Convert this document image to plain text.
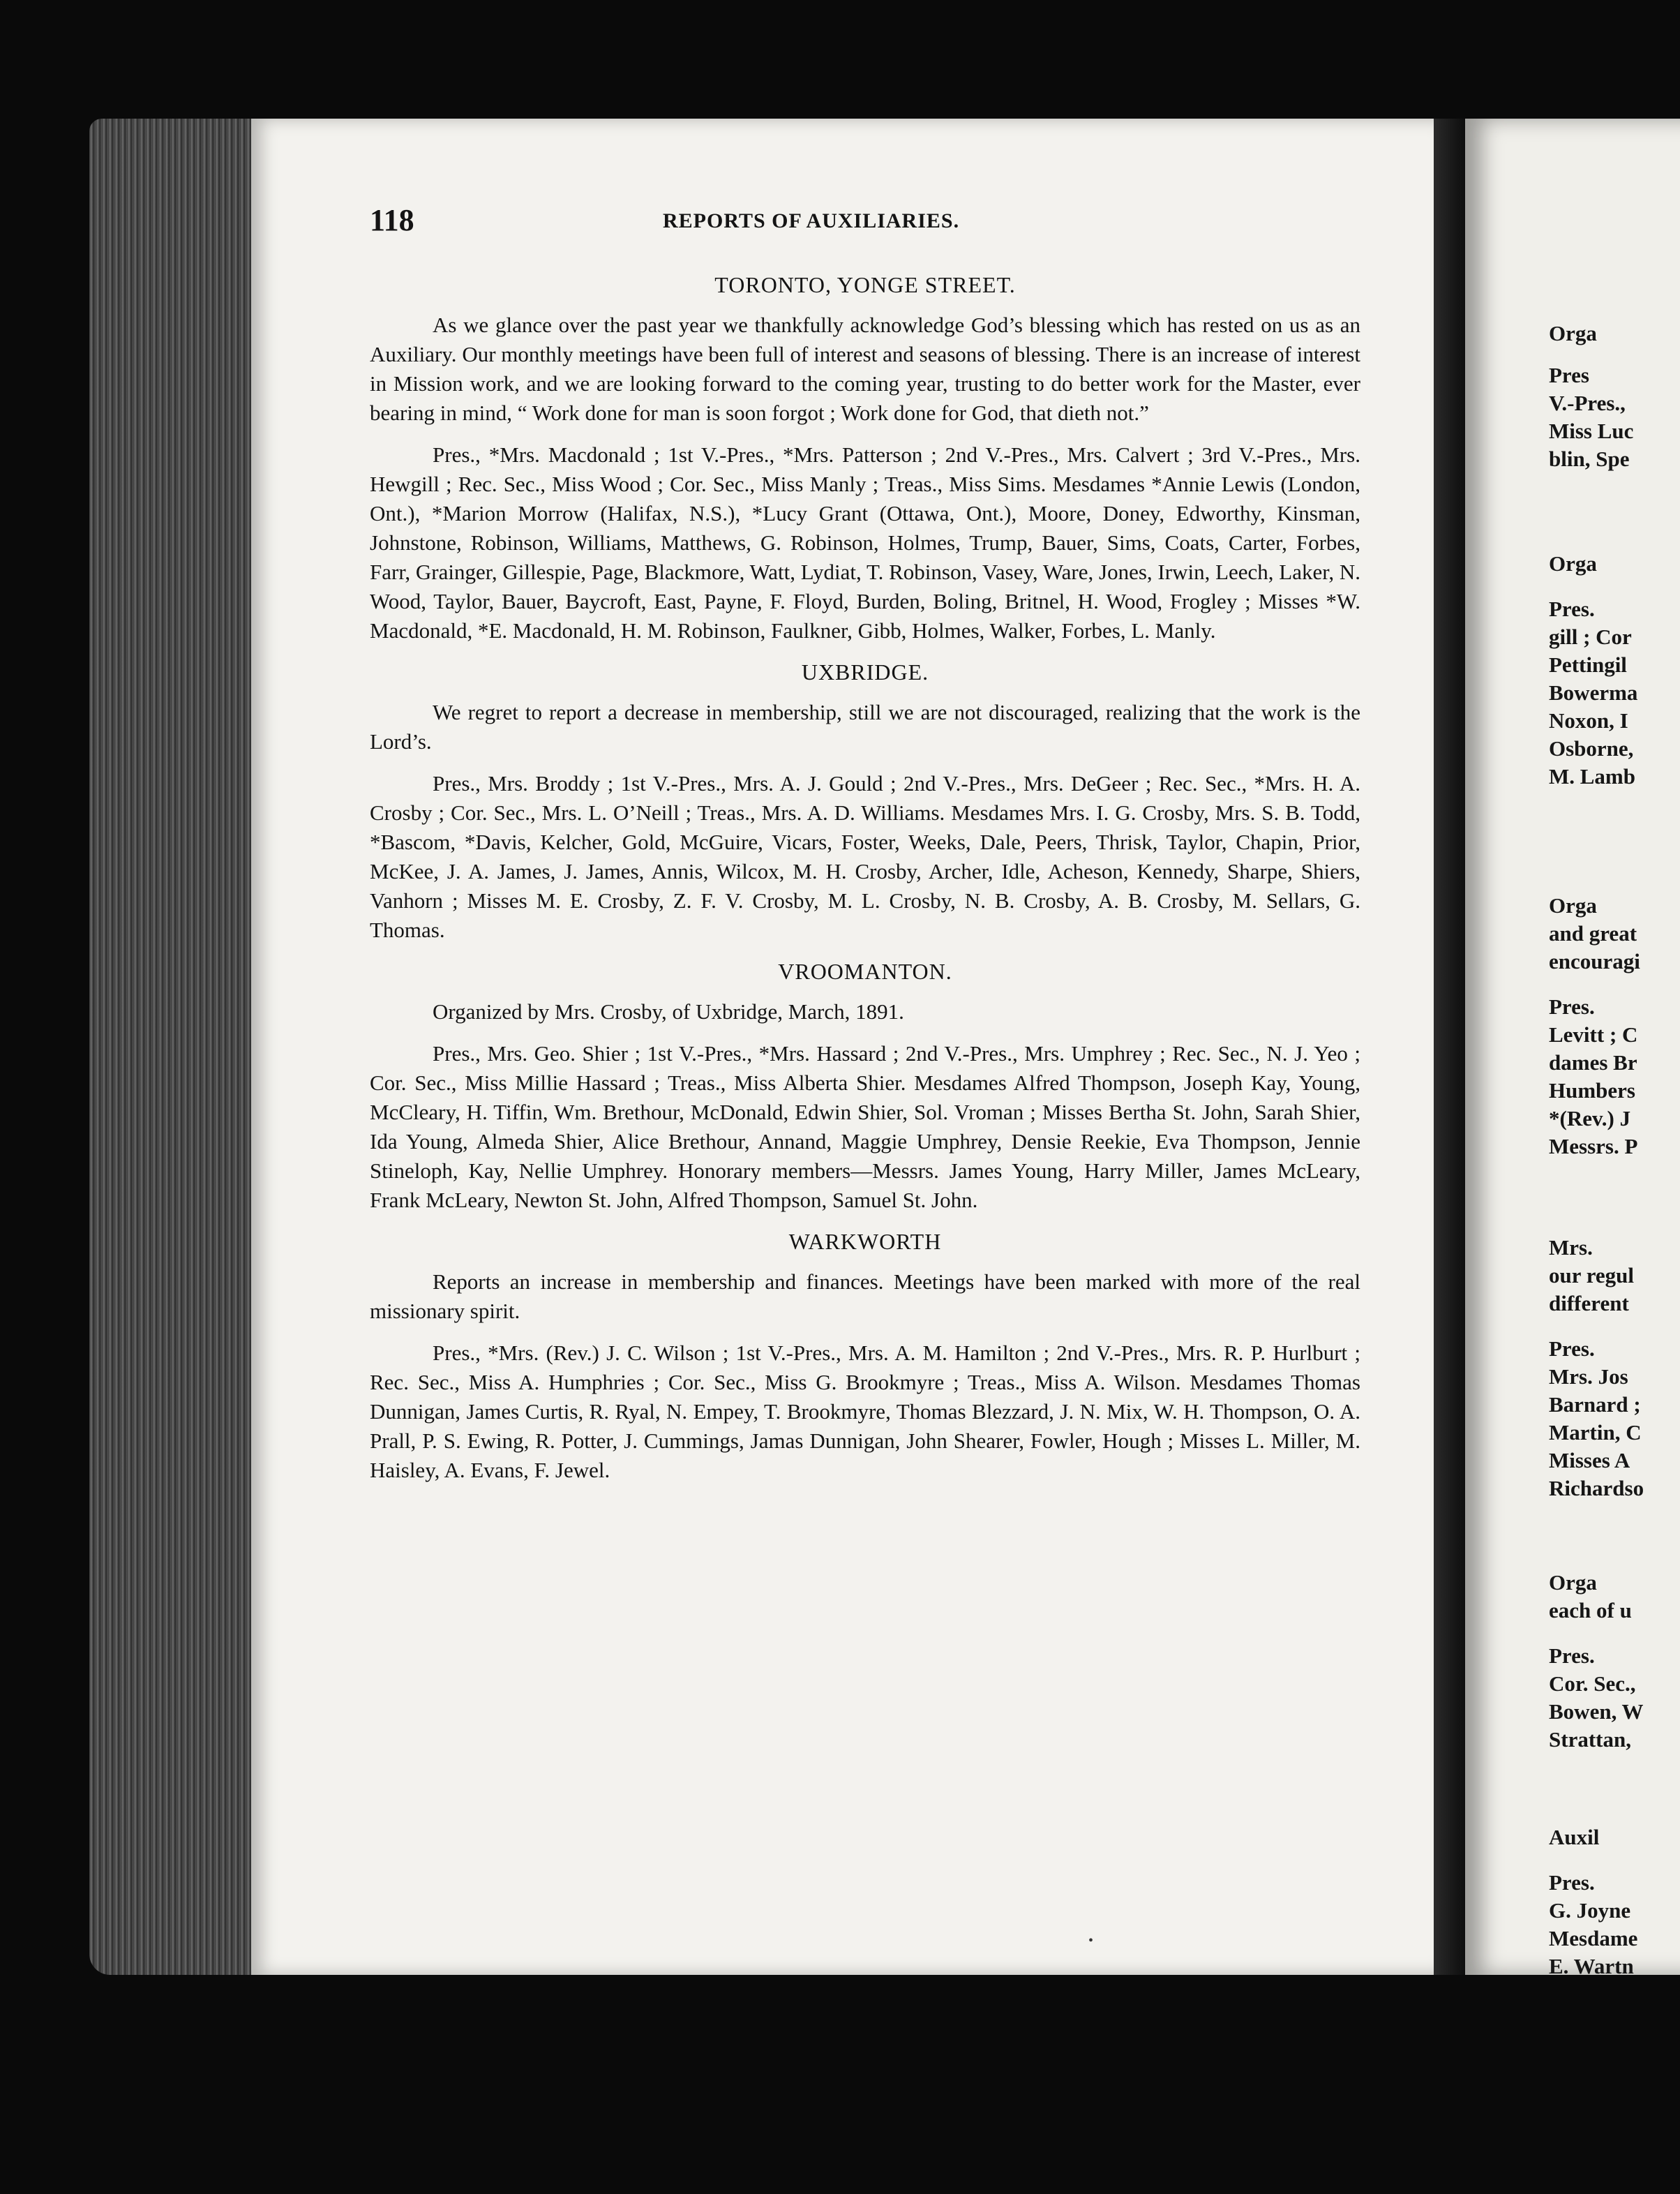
118	REPORTS OF AUXILIARIES.
TORONTO, YONGE STREET.

As we glance over the past year we thankfully acknowledge God’s blessing which has rested on us as an Auxiliary. Our monthly meetings have been full of interest and seasons of blessing. There is an increase of interest in Mission work, and we are looking forward to the coming year, trusting to do better work for the Master, ever bearing in mind, “ Work done for man is soon forgot ; Work done for God, that dieth not.”

Pres., *Mrs. Macdonald ; 1st V.-Pres., *Mrs. Patterson ; 2nd V.-Pres., Mrs. Calvert ; 3rd V.-Pres., Mrs. Hewgill ; Rec. Sec., Miss Wood ; Cor. Sec., Miss Manly ; Treas., Miss Sims. Mesdames *Annie Lewis (London, Ont.), *Marion Morrow (Halifax, N.S.), *Lucy Grant (Ottawa, Ont.), Moore, Doney, Edworthy, Kinsman, Johnstone, Robinson, Williams, Matthews, G. Robinson, Holmes, Trump, Bauer, Sims, Coats, Carter, Forbes, Farr, Grainger, Gillespie, Page, Blackmore, Watt, Lydiat, T. Robinson, Vasey, Ware, Jones, Irwin, Leech, Laker, N. Wood, Taylor, Bauer, Baycroft, East, Payne, F. Floyd, Burden, Boling, Britnel, H. Wood, Frogley ; Misses *W. Macdonald, *E. Macdonald, H. M. Robinson, Faulkner, Gibb, Holmes, Walker, Forbes, L. Manly.

UXBRIDGE.

We regret to report a decrease in membership, still we are not discouraged, realizing that the work is the Lord’s.

Pres., Mrs. Broddy ; 1st V.-Pres., Mrs. A. J. Gould ; 2nd V.-Pres., Mrs. DeGeer ; Rec. Sec., *Mrs. H. A. Crosby ; Cor. Sec., Mrs. L. O’Neill ; Treas., Mrs. A. D. Williams. Mesdames Mrs. I. G. Crosby, Mrs. S. B. Todd, *Bascom, *Davis, Kelcher, Gold, McGuire, Vicars, Foster, Weeks, Dale, Peers, Thrisk, Taylor, Chapin, Prior, McKee, J. A. James, J. James, Annis, Wilcox, M. H. Crosby, Archer, Idle, Acheson, Kennedy, Sharpe, Shiers, Vanhorn ; Misses M. E. Crosby, Z. F. V. Crosby, M. L. Crosby, N. B. Crosby, A. B. Crosby, M. Sellars, G. Thomas.

VROOMANTON.

Organized by Mrs. Crosby, of Uxbridge, March, 1891.

Pres., Mrs. Geo. Shier ; 1st V.-Pres., *Mrs. Hassard ; 2nd V.-Pres., Mrs. Umphrey ; Rec. Sec., N. J. Yeo ; Cor. Sec., Miss Millie Hassard ; Treas., Miss Alberta Shier. Mesdames Alfred Thompson, Joseph Kay, Young, McCleary, H. Tiffin, Wm. Brethour, McDonald, Edwin Shier, Sol. Vroman ; Misses Bertha St. John, Sarah Shier, Ida Young, Almeda Shier, Alice Brethour, Annand, Maggie Umphrey, Densie Reekie, Eva Thompson, Jennie Stineloph, Kay, Nellie Umphrey. Honorary members—Messrs. James Young, Harry Miller, James McLeary, Frank McLeary, Newton St. John, Alfred Thompson, Samuel St. John.

WARKWORTH

Reports an increase in membership and finances. Meetings have been marked with more of the real missionary spirit.

Pres., *Mrs. (Rev.) J. C. Wilson ; 1st V.-Pres., Mrs. A. M. Hamilton ; 2nd V.-Pres., Mrs. R. P. Hurlburt ; Rec. Sec., Miss A. Humphries ; Cor. Sec., Miss G. Brookmyre ; Treas., Miss A. Wilson. Mesdames Thomas Dunnigan, James Curtis, R. Ryal, N. Empey, T. Brookmyre, Thomas Blezzard, J. N. Mix, W. H. Thompson, O. A. Prall, P. S. Ewing, R. Potter, J. Cummings, Jamas Dunnigan, John Shearer, Fowler, Hough ; Misses L. Miller, M. Haisley, A. Evans, F. Jewel.

•
Orga
Pres
V.-Pres.,
Miss Luc
blin, Spe
Orga
Pres.
gill ; Cor
Pettingil
Bowerma
Noxon, I
Osborne,
M. Lamb
Orga
and great
encouragi
Pres.
Levitt ; C
dames Br
Humbers
*(Rev.) J
Messrs. P
Mrs.
our regul
different
Pres.
Mrs. Jos
Barnard ;
Martin, C
Misses A
Richardso
Orga
each of u
Pres.
Cor. Sec.,
Bowen, W
Strattan,
Auxil
Pres.
G. Joyne
Mesdame
E. Wartn
